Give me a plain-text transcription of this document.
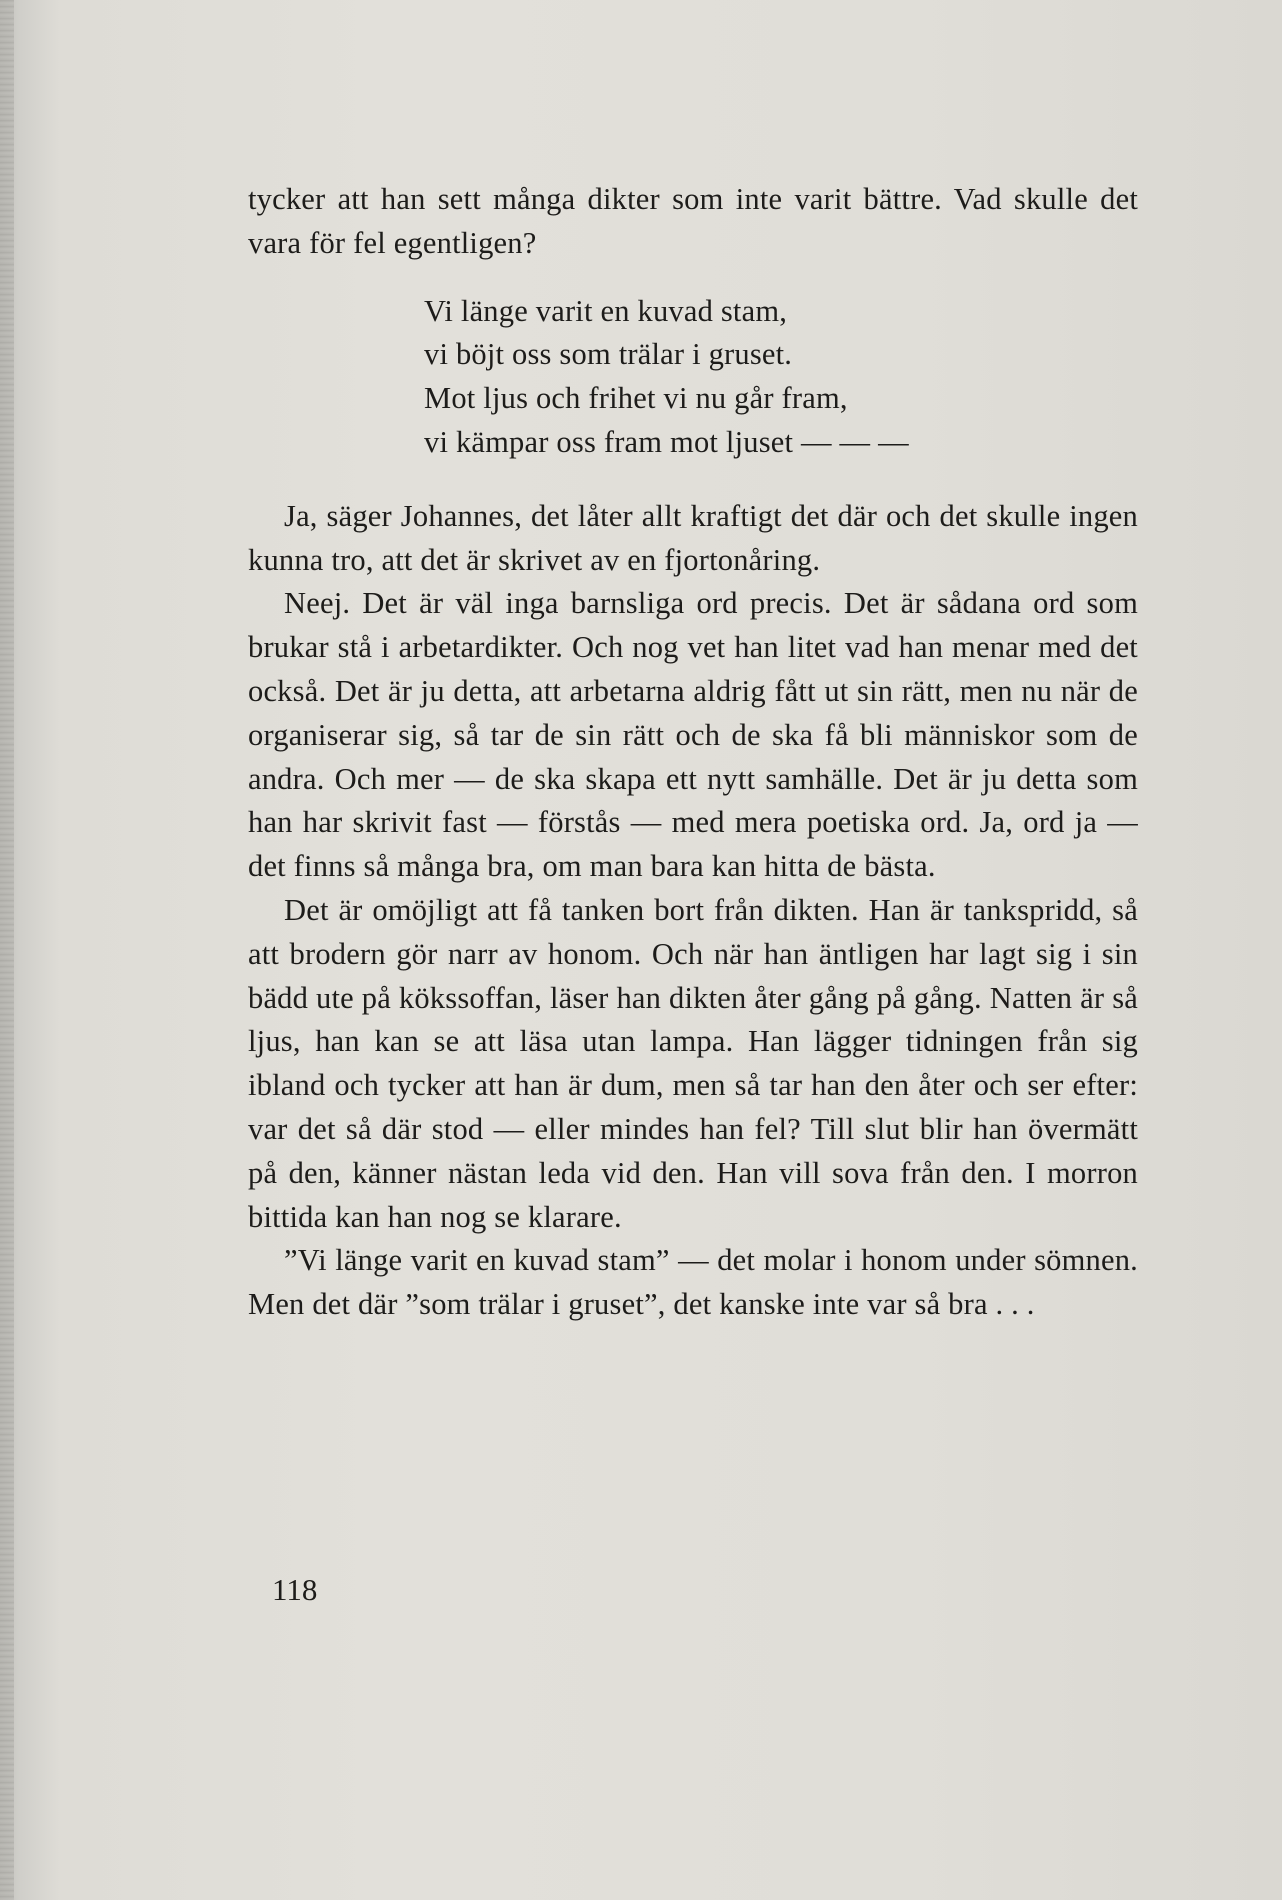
tycker att han sett många dikter som inte varit bättre. Vad skulle det vara för fel egentligen?

Vi länge varit en kuvad stam,
vi böjt oss som trälar i gruset.
Mot ljus och frihet vi nu går fram,
vi kämpar oss fram mot ljuset — — —

Ja, säger Johannes, det låter allt kraftigt det där och det skulle ingen kunna tro, att det är skrivet av en fjortonåring.

Neej. Det är väl inga barnsliga ord precis. Det är sådana ord som brukar stå i arbetardikter. Och nog vet han litet vad han menar med det också. Det är ju detta, att arbetarna aldrig fått ut sin rätt, men nu när de organiserar sig, så tar de sin rätt och de ska få bli människor som de andra. Och mer — de ska skapa ett nytt samhälle. Det är ju detta som han har skrivit fast — förstås — med mera poetiska ord. Ja, ord ja — det finns så många bra, om man bara kan hitta de bästa.

Det är omöjligt att få tanken bort från dikten. Han är tankspridd, så att brodern gör narr av honom. Och när han äntligen har lagt sig i sin bädd ute på kökssoffan, läser han dikten åter gång på gång. Natten är så ljus, han kan se att läsa utan lampa. Han lägger tidningen från sig ibland och tycker att han är dum, men så tar han den åter och ser efter: var det så där stod — eller mindes han fel? Till slut blir han övermätt på den, känner nästan leda vid den. Han vill sova från den. I morron bittida kan han nog se klarare.

”Vi länge varit en kuvad stam” — det molar i honom under sömnen. Men det där ”som trälar i gruset”, det kanske inte var så bra . . .

118
